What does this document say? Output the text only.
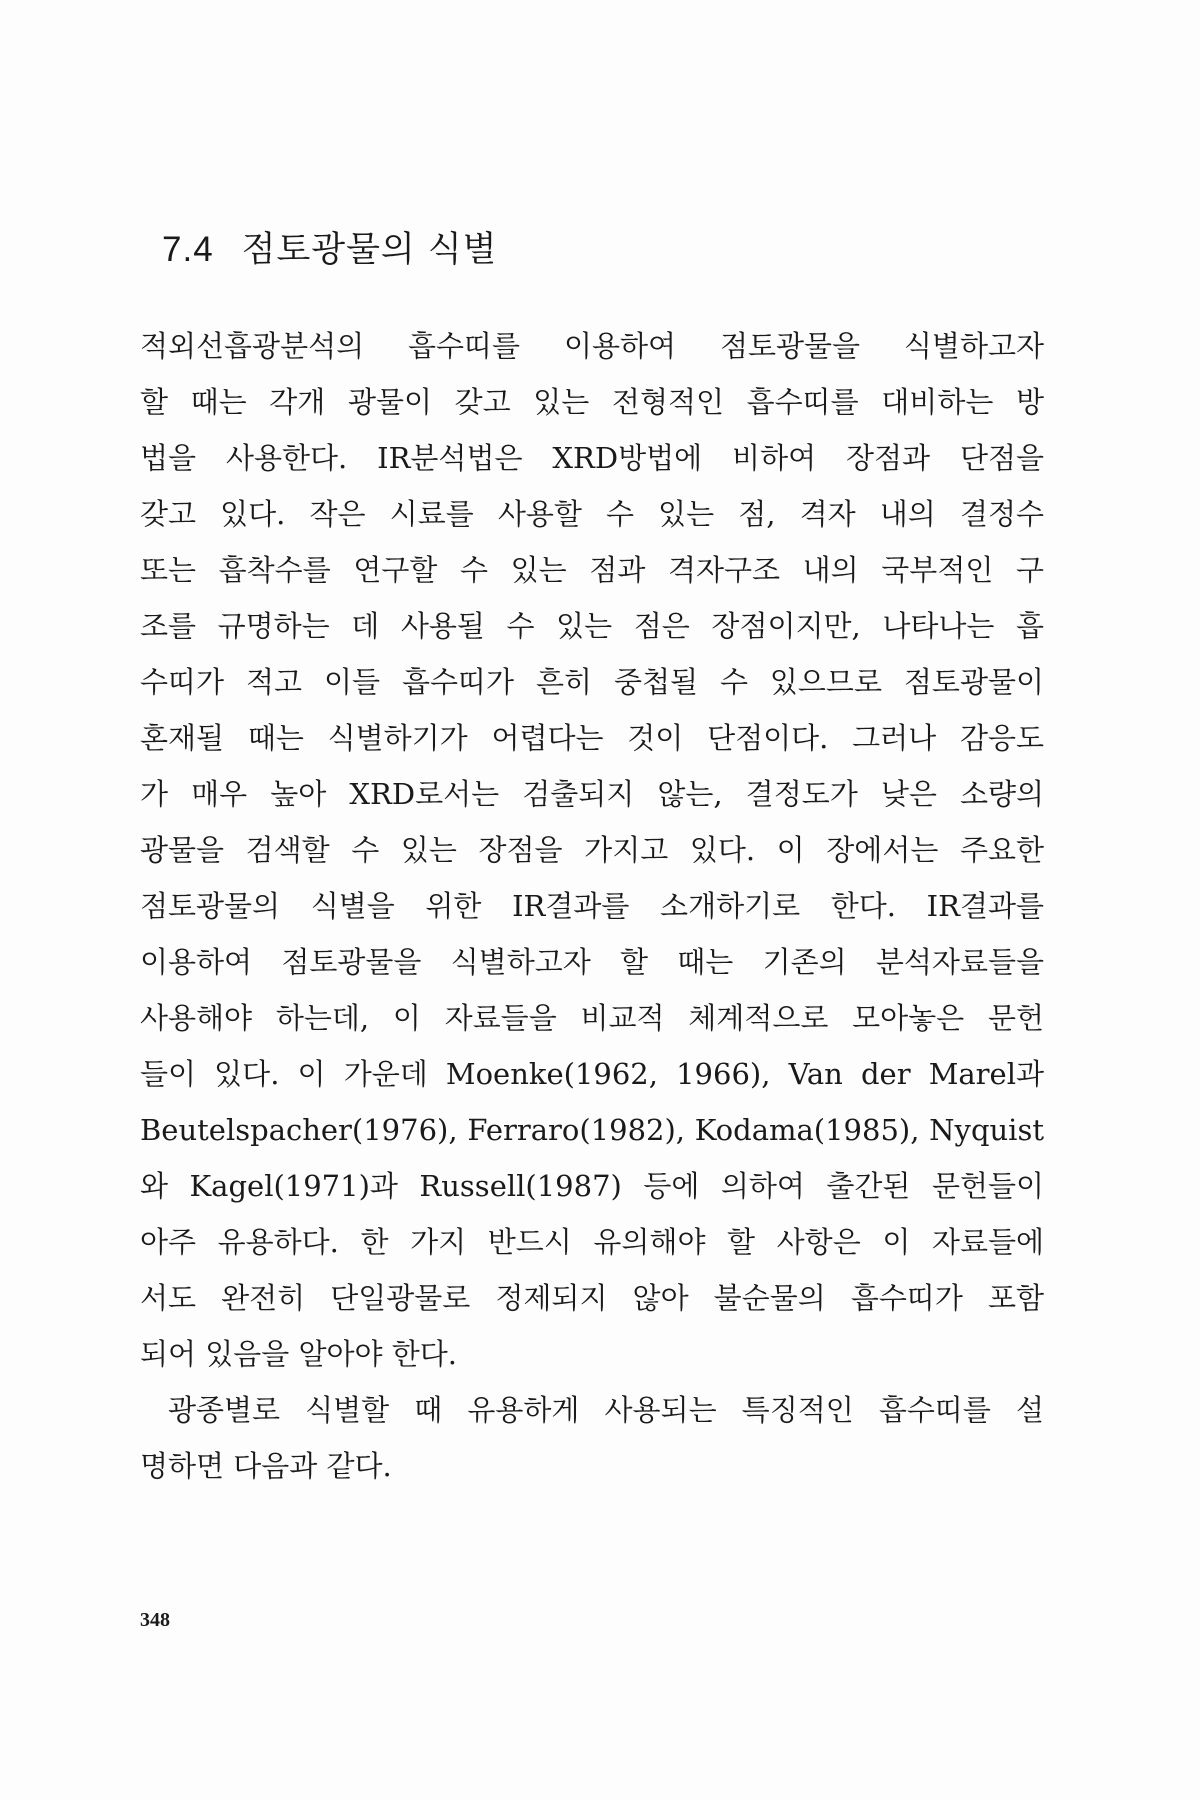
7.4 점토광물의 식별
적외선흡광분석의 흡수띠를 이용하여 점토광물을 식별하고자
할 때는 각개 광물이 갖고 있는 전형적인 흡수띠를 대비하는 방
법을 사용한다. IR분석법은 XRD방법에 비하여 장점과 단점을
갖고 있다. 작은 시료를 사용할 수 있는 점, 격자 내의 결정수
또는 흡착수를 연구할 수 있는 점과 격자구조 내의 국부적인 구
조를 규명하는 데 사용될 수 있는 점은 장점이지만, 나타나는 흡
수띠가 적고 이들 흡수띠가 흔히 중첩될 수 있으므로 점토광물이
혼재될 때는 식별하기가 어렵다는 것이 단점이다. 그러나 감응도
가 매우 높아 XRD로서는 검출되지 않는, 결정도가 낮은 소량의
광물을 검색할 수 있는 장점을 가지고 있다. 이 장에서는 주요한
점토광물의 식별을 위한 IR결과를 소개하기로 한다. IR결과를
이용하여 점토광물을 식별하고자 할 때는 기존의 분석자료들을
사용해야 하는데, 이 자료들을 비교적 체계적으로 모아놓은 문헌
들이 있다. 이 가운데 Moenke(1962, 1966), Van der Marel과
Beutelspacher(1976), Ferraro(1982), Kodama(1985), Nyquist
와 Kagel(1971)과 Russell(1987) 등에 의하여 출간된 문헌들이
아주 유용하다. 한 가지 반드시 유의해야 할 사항은 이 자료들에
서도 완전히 단일광물로 정제되지 않아 불순물의 흡수띠가 포함
되어 있음을 알아야 한다.
광종별로 식별할 때 유용하게 사용되는 특징적인 흡수띠를 설
명하면 다음과 같다.
348
